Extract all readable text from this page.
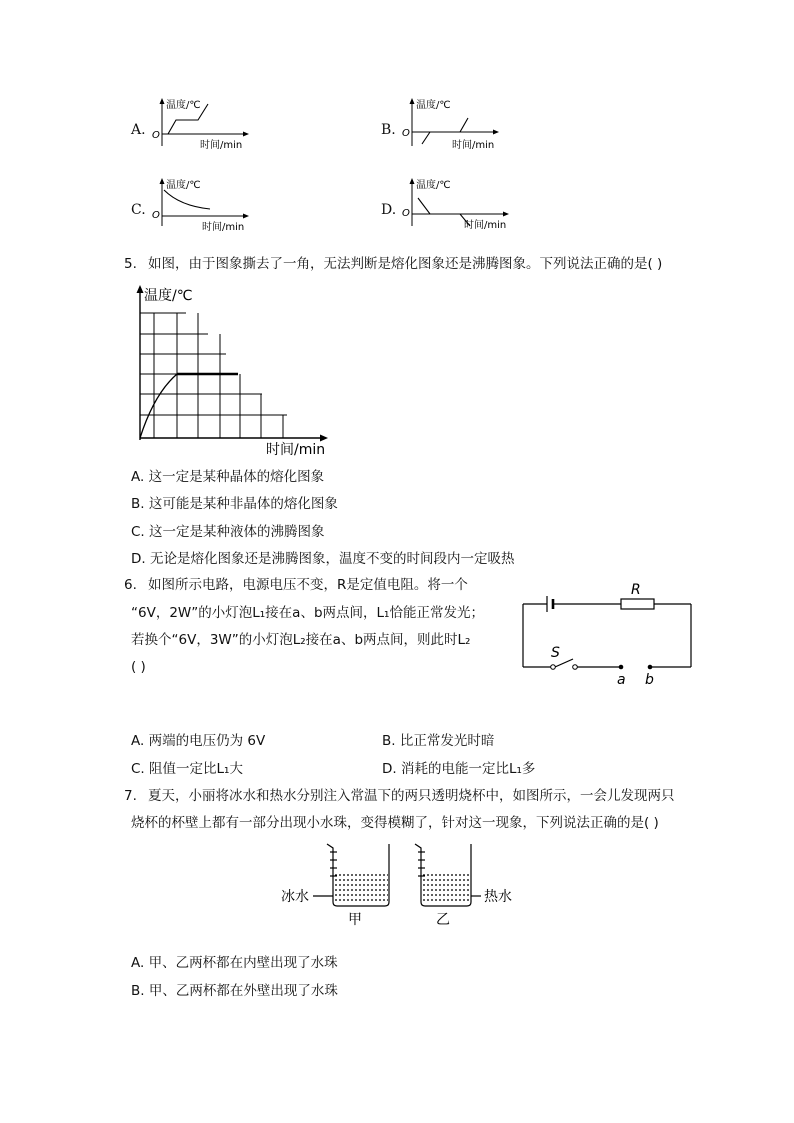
A.
温度/℃
时间/min
O	B.
温度/℃
时间/min
O
C.
温度/℃
时间/min
O	D.
温度/℃
时间/min
O
5. 如图，由于图象撕去了一角，无法判断是熔化图象还是沸腾图象。下列说法正确的是( )
温度/℃
时间/min
A. 这一定是某种晶体的熔化图象
B. 这可能是某种非晶体的熔化图象
C. 这一定是某种液体的沸腾图象
D. 无论是熔化图象还是沸腾图象，温度不变的时间段内一定吸热
6. 如图所示电路，电源电压不变，R是定值电阻。将一个
“6V，2W”的小灯泡L₁接在a、b两点间，L₁恰能正常发光；
若换个“6V，3W”的小灯泡L₂接在a、b两点间，则此时L₂
( )
R
S
a b
A. 两端的电压仍为 6V	B. 比正常发光时暗
C. 阻值一定比L₁大	D. 消耗的电能一定比L₁多
7. 夏天，小丽将冰水和热水分别注入常温下的两只透明烧杯中，如图所示，一会儿发现两只
烧杯的杯壁上都有一部分出现小水珠，变得模糊了，针对这一现象，下列说法正确的是( )
冰水	热水
甲	乙
A. 甲、乙两杯都在内壁出现了水珠
B. 甲、乙两杯都在外壁出现了水珠
